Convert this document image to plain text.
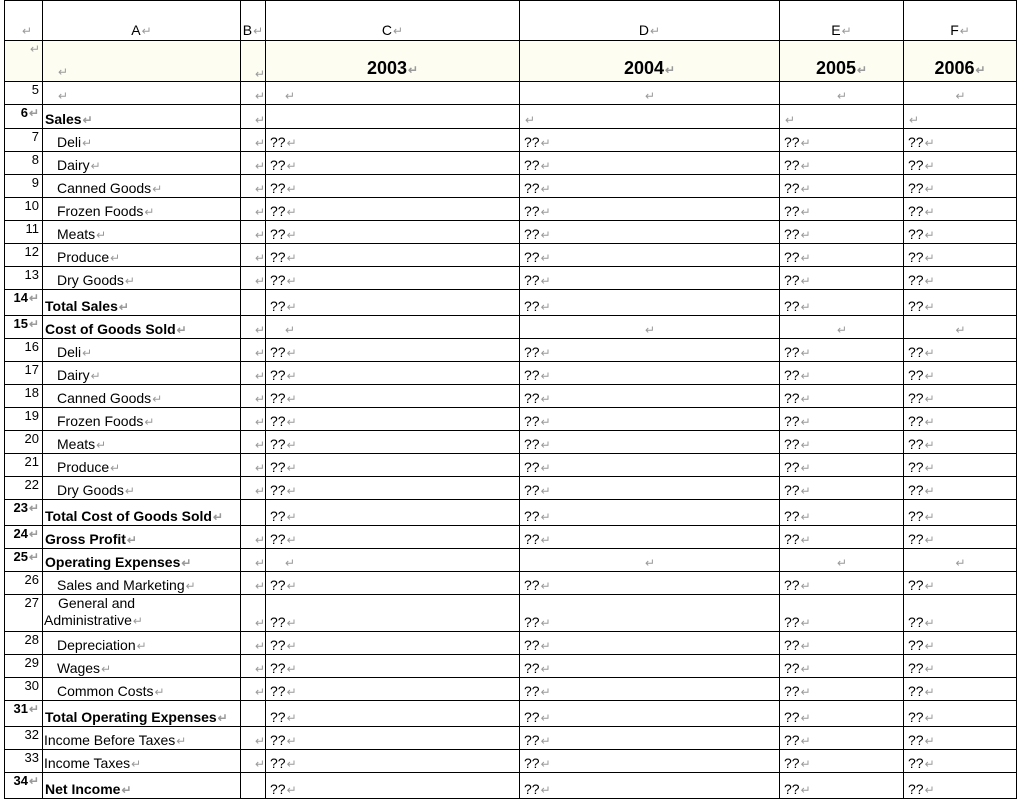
↵	A↵	B↵	C↵	D↵	E↵	F↵
↵	↵	↵	2003↵	2004↵	2005↵	2006↵
5	↵	↵	↵	↵	↵	↵
6↵	Sales↵	↵		↵	↵	↵
7	Deli↵	↵	??↵	??↵	??↵	??↵
8	Dairy↵	↵	??↵	??↵	??↵	??↵
9	Canned Goods↵	↵	??↵	??↵	??↵	??↵
10	Frozen Foods↵	↵	??↵	??↵	??↵	??↵
11	Meats↵	↵	??↵	??↵	??↵	??↵
12	Produce↵	↵	??↵	??↵	??↵	??↵
13	Dry Goods↵	↵	??↵	??↵	??↵	??↵
14↵	Total Sales↵		??↵	??↵	??↵	??↵
15↵	Cost of Goods Sold↵	↵	↵	↵	↵	↵
16	Deli↵	↵	??↵	??↵	??↵	??↵
17	Dairy↵	↵	??↵	??↵	??↵	??↵
18	Canned Goods↵	↵	??↵	??↵	??↵	??↵
19	Frozen Foods↵	↵	??↵	??↵	??↵	??↵
20	Meats↵	↵	??↵	??↵	??↵	??↵
21	Produce↵	↵	??↵	??↵	??↵	??↵
22	Dry Goods↵	↵	??↵	??↵	??↵	??↵
23↵	Total Cost of Goods Sold↵		??↵	??↵	??↵	??↵
24↵	Gross Profit↵	↵	??↵	??↵	??↵	??↵
25↵	Operating Expenses↵	↵	↵	↵	↵	↵
26	Sales and Marketing↵	↵	??↵	??↵	??↵	??↵
27	General and
Administrative↵	↵	??↵	??↵	??↵	??↵
28	Depreciation↵	↵	??↵	??↵	??↵	??↵
29	Wages↵	↵	??↵	??↵	??↵	??↵
30	Common Costs↵	↵	??↵	??↵	??↵	??↵
31↵	Total Operating Expenses↵		??↵	??↵	??↵	??↵
32	Income Before Taxes↵	↵	??↵	??↵	??↵	??↵
33	Income Taxes↵	↵	??↵	??↵	??↵	??↵
34↵	Net Income↵		??↵	??↵	??↵	??↵
